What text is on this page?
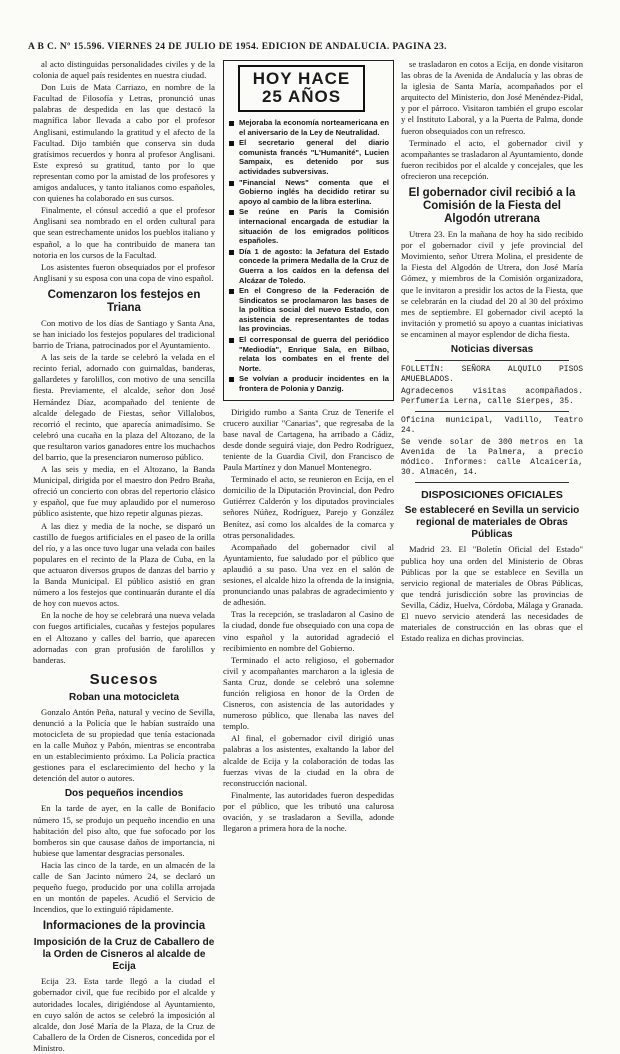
A B C. Nº 15.596. VIERNES 24 DE JULIO DE 1954. EDICION DE ANDALUCIA. PAGINA 23.

al acto distinguidas personalidades civiles y de la colonia de aquel país residentes en nuestra ciudad.

Don Luis de Mata Carriazo, en nombre de la Facultad de Filosofía y Letras, pronunció unas palabras de despedida en las que destacó la magnífica labor llevada a cabo por el profesor Anglisani, estimulando la gratitud y el afecto de la Facultad. Dijo también que conserva sin duda gratísimos recuerdos y honra al profesor Anglisani. Este expresó su gratitud, tanto por lo que representan como por la amistad de los profesores y amigos andaluces, y tanto italianos como españoles, con quienes ha colaborado en sus cursos.

Finalmente, el cónsul accedió a que el profesor Anglisani sea nombrado en el orden cultural para que sean estrechamente unidos los pueblos italiano y español, a lo que ha contribuido de manera tan notoria en los cursos de la Facultad.

Los asistentes fueron obsequiados por el profesor Anglisani y su esposa con una copa de vino español.

Comenzaron los festejos en Triana

Con motivo de los días de Santiago y Santa Ana, se han iniciado los festejos populares del tradicional barrio de Triana, patrocinados por el Ayuntamiento.

A las seis de la tarde se celebró la velada en el recinto ferial, adornado con guirnaldas, banderas, gallardetes y farolillos, con motivo de una sencilla fiesta. Previamente, el alcalde, señor don José Hernández Díaz, acompañado del teniente de alcalde delegado de Fiestas, señor Villalobos, recorrió el recinto, que aparecía animadísimo. Se celebró una cucaña en la plaza del Altozano, de la que resultaron varios ganadores entre los muchachos del barrio, que la presenciaron numeroso público.

A las seis y media, en el Altozano, la Banda Municipal, dirigida por el maestro don Pedro Braña, ofreció un concierto con obras del repertorio clásico y español, que fue muy aplaudido por el numeroso público asistente, que hizo repetir algunas piezas.

A las diez y media de la noche, se disparó un castillo de fuegos artificiales en el paseo de la orilla del río, y a las once tuvo lugar una velada con bailes populares en el recinto de la Plaza de Cuba, en la que actuaron diversos grupos de danzas del barrio y la Banda Municipal. El público asistió en gran número a los festejos que continuarán durante el día de hoy con nuevos actos.

En la noche de hoy se celebrará una nueva velada con fuegos artificiales, cucañas y festejos populares en el Altozano y calles del barrio, que aparecen adornadas con gran profusión de farolillos y banderas.

Sucesos
Roban una motocicleta

Gonzalo Antón Peña, natural y vecino de Sevilla, denunció a la Policía que le habían sustraído una motocicleta de su propiedad que tenía estacionada en la calle Muñoz y Pabón, mientras se encontraba en un establecimiento próximo. La Policía practica gestiones para el esclarecimiento del hecho y la detención del autor o autores.

Dos pequeños incendios

En la tarde de ayer, en la calle de Bonifacio número 15, se produjo un pequeño incendio en una habitación del piso alto, que fue sofocado por los bomberos sin que causase daños de importancia, ni hubiese que lamentar desgracias personales.

Hacia las cinco de la tarde, en un almacén de la calle de San Jacinto número 24, se declaró un pequeño fuego, producido por una colilla arrojada en un montón de papeles. Acudió el Servicio de Incendios, que lo extinguió rápidamente.

Informaciones de la provincia
Imposición de la Cruz de Caballero de la Orden de Cisneros al alcalde de Ecija

Ecija 23. Esta tarde llegó a la ciudad el gobernador civil, que fue recibido por el alcalde y autoridades locales, dirigiéndose al Ayuntamiento, en cuyo salón de actos se celebró la imposición al alcalde, don José María de la Plaza, de la Cruz de Caballero de la Orden de Cisneros, concedida por el Ministro.

HOY HACE 25 AÑOS
Mejoraba la economía norteamericana en el aniversario de la Ley de Neutralidad.
El secretario general del diario comunista francés "L'Humanité", Lucien Sampaix, es detenido por sus actividades subversivas.
"Financial News" comenta que el Gobierno inglés ha decidido retirar su apoyo al cambio de la libra esterlina.
Se reúne en París la Comisión internacional encargada de estudiar la situación de los emigrados políticos españoles.
Día 1 de agosto: la Jefatura del Estado concede la primera Medalla de la Cruz de Guerra a los caídos en la defensa del Alcázar de Toledo.
En el Congreso de la Federación de Sindicatos se proclamaron las bases de la política social del nuevo Estado, con asistencia de representantes de todas las provincias.
El corresponsal de guerra del periódico "Mediodía", Enrique Sala, en Bilbao, relata los combates en el frente del Norte.
Se volvían a producir incidentes en la frontera de Polonia y Danzig.

Dirigido rumbo a Santa Cruz de Tenerife el crucero auxiliar "Canarias", que regresaba de la base naval de Cartagena, ha arribado a Cádiz, desde donde seguirá viaje, don Pedro Rodríguez, teniente de la Guardia Civil, don Francisco de Paula Martínez y don Manuel Montenegro.

Terminado el acto, se reunieron en Ecija, en el domicilio de la Diputación Provincial, don Pedro Gutiérrez Calderón y los diputados provinciales señores Núñez, Rodríguez, Parejo y González Benítez, así como los alcaldes de la comarca y otras personalidades.

Acompañado del gobernador civil al Ayuntamiento, fue saludado por el público que aplaudió a su paso. Una vez en el salón de sesiones, el alcalde hizo la ofrenda de la insignia, pronunciando unas palabras de agradecimiento y de adhesión.

Tras la recepción, se trasladaron al Casino de la ciudad, donde fue obsequiado con una copa de vino español y la autoridad agradeció el recibimiento en nombre del Gobierno.

Terminado el acto religioso, el gobernador civil y acompañantes marcharon a la iglesia de Santa Cruz, donde se celebró una solemne función religiosa en honor de la Orden de Cisneros, con asistencia de las autoridades y numeroso público, que llenaba las naves del templo.

Al final, el gobernador civil dirigió unas palabras a los asistentes, exaltando la labor del alcalde de Ecija y la colaboración de todas las fuerzas vivas de la ciudad en la obra de reconstrucción nacional.

Finalmente, las autoridades fueron despedidas por el público, que les tributó una calurosa ovación, y se trasladaron a Sevilla, adonde llegaron a primera hora de la noche.

se trasladaron en cotos a Ecija, en donde visitaron las obras de la Avenida de Andalucía y las obras de la iglesia de Santa María, acompañados por el arquitecto del Ministerio, don José Menéndez-Pidal, y por el párroco. Visitaron también el grupo escolar y el Instituto Laboral, y a la Puerta de Palma, donde fueron obsequiados con un refresco.

Terminado el acto, el gobernador civil y acompañantes se trasladaron al Ayuntamiento, donde fueron recibidos por el alcalde y concejales, que les ofrecieron una recepción.

El gobernador civil recibió a la Comisión de la Fiesta del Algodón utrerana

Utrera 23. En la mañana de hoy ha sido recibido por el gobernador civil y jefe provincial del Movimiento, señor Utrera Molina, el presidente de la Fiesta del Algodón de Utrera, don José María Gómez, y miembros de la Comisión organizadora, que le invitaron a presidir los actos de la Fiesta, que se celebrarán en la ciudad del 20 al 30 del próximo mes de septiembre. El gobernador civil aceptó la invitación y prometió su apoyo a cuantas iniciativas se encaminen al mayor esplendor de dicha fiesta.

Noticias diversas
FOLLETÍN: SEÑORA ALQUILO PISOS AMUEBLADOS.
Agradecemos visitas acompañados. Perfumería Lerna, calle Sierpes, 35.
Oficina municipal, Vadillo, Teatro 24.
Se vende solar de 300 metros en la Avenida de la Palmera, a precio módico. Informes: calle Alcaicería, 30. Almacén, 14.
DISPOSICIONES OFICIALES
Se estableceré en Sevilla un servicio regional de materiales de Obras Públicas

Madrid 23. El "Boletín Oficial del Estado" publica hoy una orden del Ministerio de Obras Públicas por la que se establece en Sevilla un servicio regional de materiales de Obras Públicas, que tendrá jurisdicción sobre las provincias de Sevilla, Cádiz, Huelva, Córdoba, Málaga y Granada. El nuevo servicio atenderá las necesidades de materiales de construcción en las obras que el Estado realiza en dichas provincias.
